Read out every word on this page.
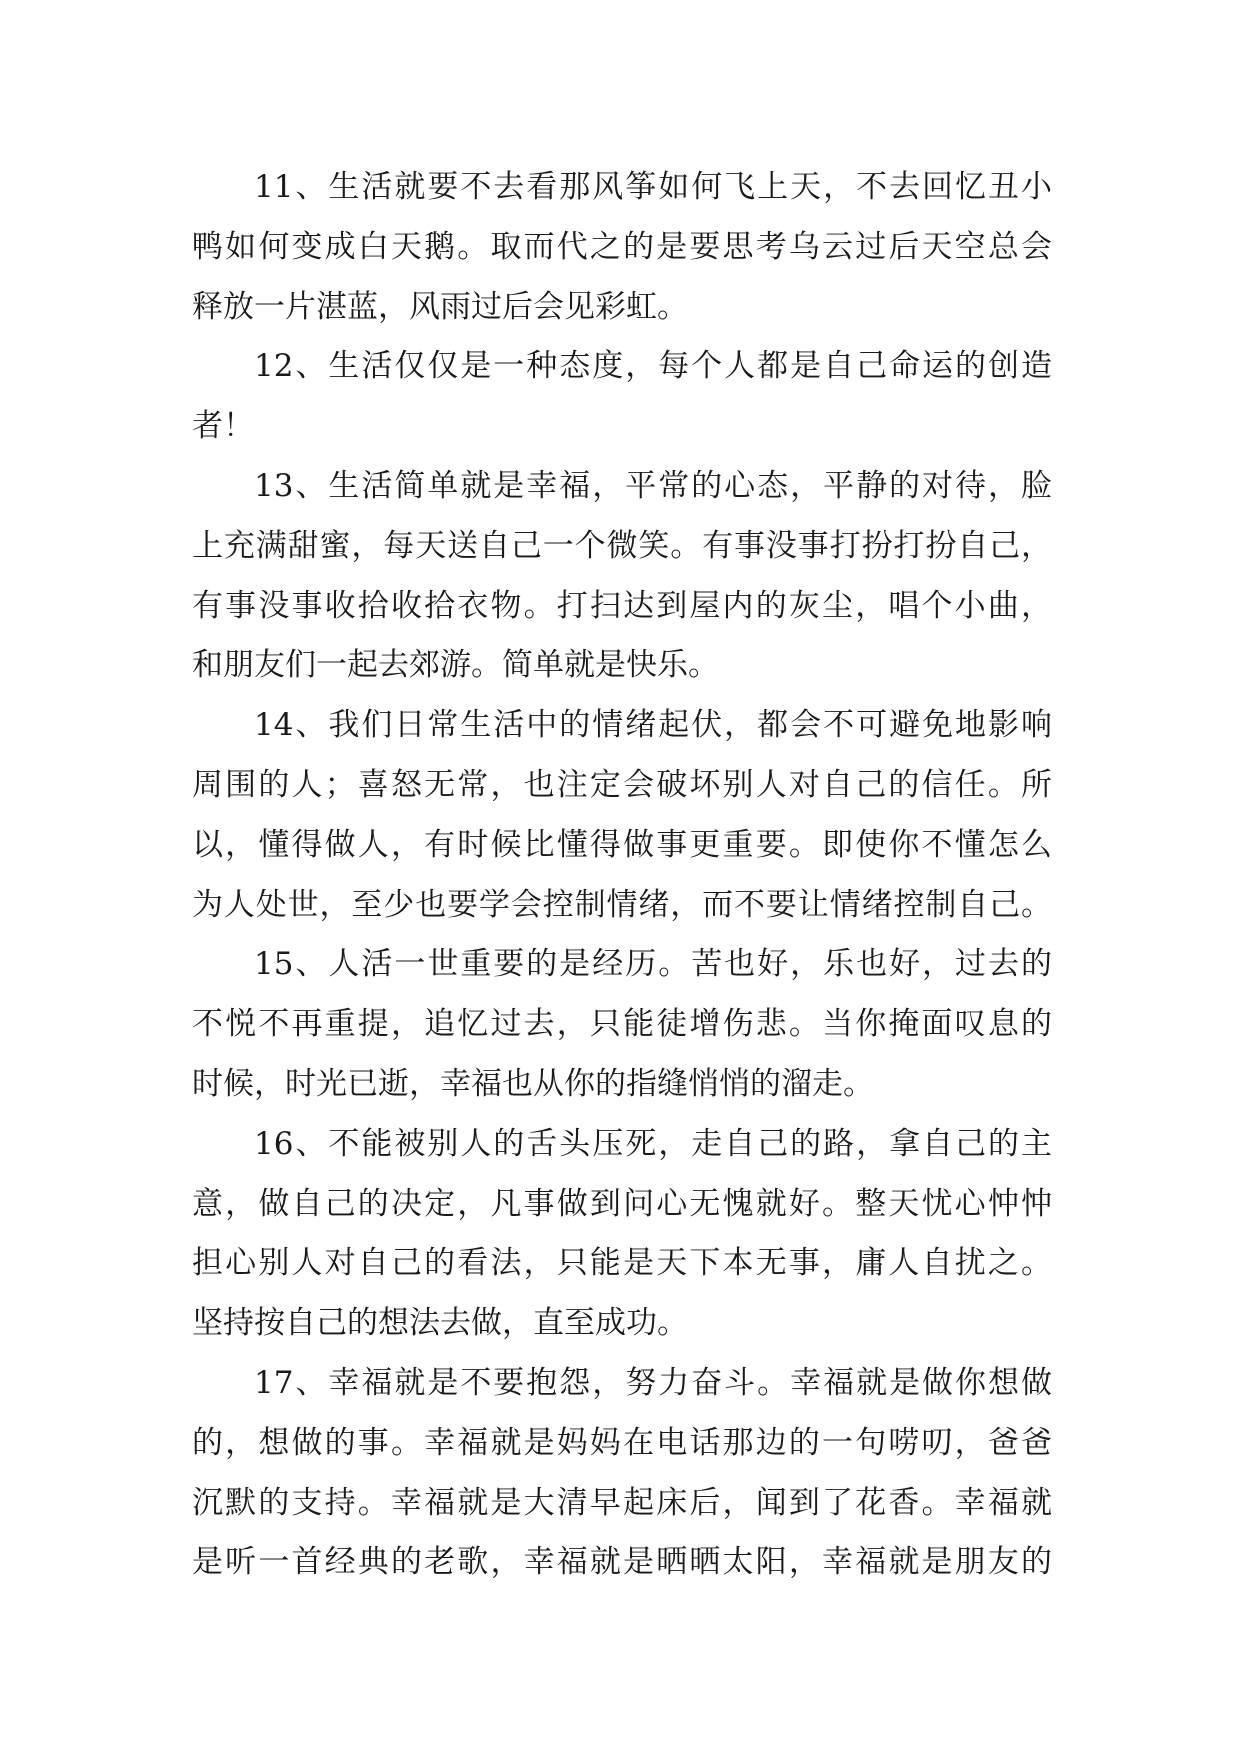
11、生活就要不去看那风筝如何飞上天，不去回忆丑小
鸭如何变成白天鹅。取而代之的是要思考乌云过后天空总会
释放一片湛蓝，风雨过后会见彩虹。
12、生活仅仅是一种态度，每个人都是自己命运的创造
者！
13、生活简单就是幸福，平常的心态，平静的对待，脸
上充满甜蜜，每天送自己一个微笑。有事没事打扮打扮自己，
有事没事收拾收拾衣物。打扫达到屋内的灰尘，唱个小曲，
和朋友们一起去郊游。简单就是快乐。
14、我们日常生活中的情绪起伏，都会不可避免地影响
周围的人；喜怒无常，也注定会破坏别人对自己的信任。所
以，懂得做人，有时候比懂得做事更重要。即使你不懂怎么
为人处世，至少也要学会控制情绪，而不要让情绪控制自己。
15、人活一世重要的是经历。苦也好，乐也好，过去的
不悦不再重提，追忆过去，只能徒增伤悲。当你掩面叹息的
时候，时光已逝，幸福也从你的指缝悄悄的溜走。
16、不能被别人的舌头压死，走自己的路，拿自己的主
意，做自己的决定，凡事做到问心无愧就好。整天忧心忡忡
担心别人对自己的看法，只能是天下本无事，庸人自扰之。
坚持按自己的想法去做，直至成功。
17、幸福就是不要抱怨，努力奋斗。幸福就是做你想做
的，想做的事。幸福就是妈妈在电话那边的一句唠叨，爸爸
沉默的支持。幸福就是大清早起床后，闻到了花香。幸福就
是听一首经典的老歌，幸福就是晒晒太阳，幸福就是朋友的
